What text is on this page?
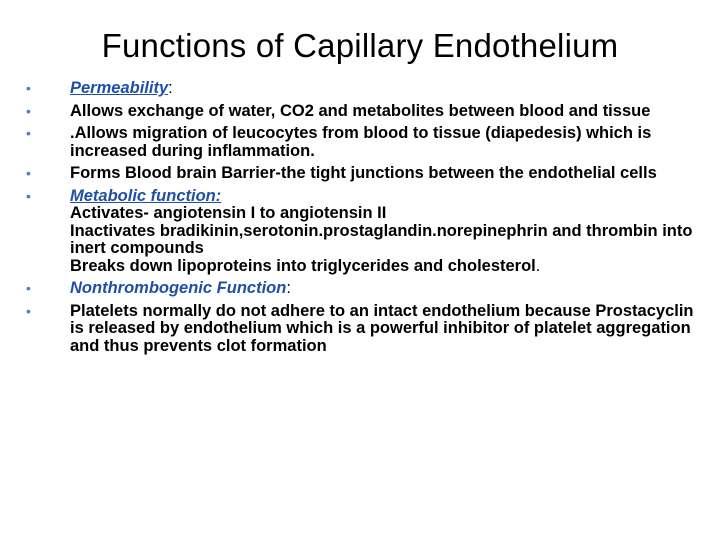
Functions of Capillary Endothelium
• Permeability:
• Allows exchange of water, CO2 and metabolites between blood and tissue
• .Allows migration of leucocytes from blood to tissue (diapedesis) which is increased during inflammation.
• Forms Blood brain Barrier-the tight junctions between the endothelial cells
• Metabolic function:
Activates- angiotensin I to angiotensin II
Inactivates bradikinin,serotonin.prostaglandin.norepinephrin and thrombin into inert compounds
Breaks down lipoproteins into triglycerides and cholesterol.
• Nonthrombogenic Function:
• Platelets normally do not adhere to an intact endothelium because Prostacyclin is released by endothelium which is a powerful inhibitor of platelet aggregation and thus prevents clot formation
